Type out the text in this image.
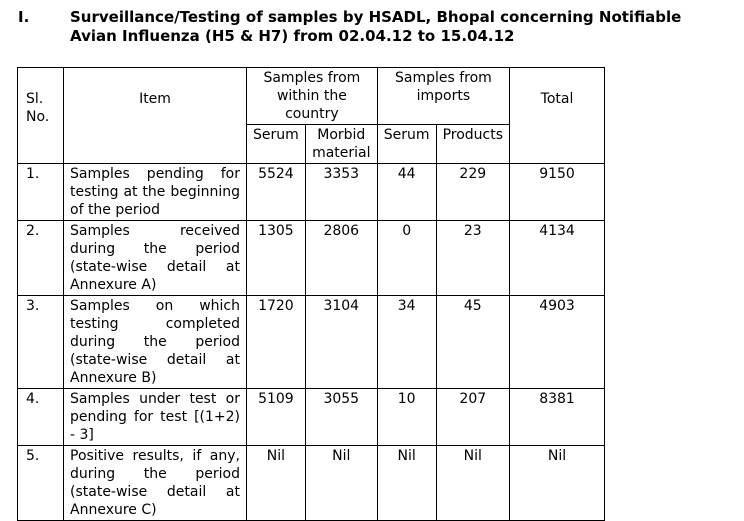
I.	Surveillance/Testing of samples by HSADL, Bhopal concerning Notifiable Avian Influenza (H5 & H7) from 02.04.12 to 15.04.12
Sl. No.	Item	Samples from within the country		Samples from imports		Total
		Serum	Morbid material	Serum	Products	
1.	Samples pending for testing at the beginning of the period	5524	3353	44	229	9150
2.	Samples received during the period (state-wise detail at Annexure A)	1305	2806	0	23	4134
3.	Samples on which testing completed during the period (state-wise detail at Annexure B)	1720	3104	34	45	4903
4.	Samples under test or pending for test [(1+2) - 3]	5109	3055	10	207	8381
5.	Positive results, if any, during the period (state-wise detail at Annexure C)	Nil	Nil	Nil	Nil	Nil
